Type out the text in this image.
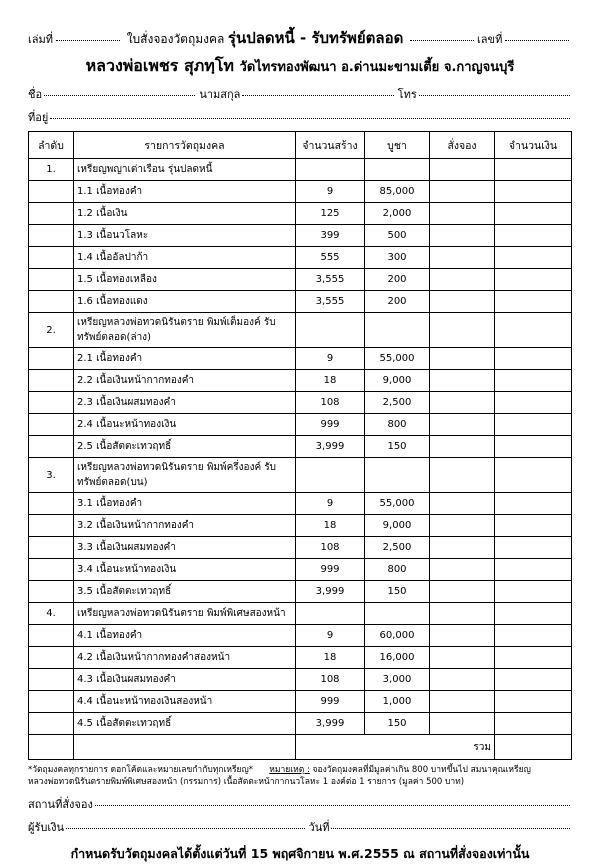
เล่มที่	ใบสั่งจองวัตถุมงคล รุ่นปลดหนี้ - รับทรัพย์ตลอด	เลขที่
หลวงพ่อเพชร สุภทฺโท วัดไทรทองพัฒนา อ.ด่านมะขามเตี้ย จ.กาญจนบุรี
ชื่อ	นามสกุล	โทร
ที่อยู่
ลำดับ	รายการวัตถุมงคล	จำนวนสร้าง	บูชา	สั่งจอง	จำนวนเงิน
1.	เหรียญพญาเต่าเรือน รุ่นปลดหนี้				
	1.1 เนื้อทองคำ	9	85,000		
	1.2 เนื้อเงิน	125	2,000		
	1.3 เนื้อนวโลหะ	399	500		
	1.4 เนื้ออัลปาก้า	555	300		
	1.5 เนื้อทองเหลือง	3,555	200		
	1.6 เนื้อทองแดง	3,555	200		
2.	เหรียญหลวงพ่อทวดนิรันตราย พิมพ์เต็มองค์ รับทรัพย์ตลอด(ล่าง)				
	2.1 เนื้อทองคำ	9	55,000		
	2.2 เนื้อเงินหน้ากากทองคำ	18	9,000		
	2.3 เนื้อเงินผสมทองคำ	108	2,500		
	2.4 เนื้อนะหน้าทองเงิน	999	800		
	2.5 เนื้อสัตตะเทวฤทธิ์	3,999	150		
3.	เหรียญหลวงพ่อทวดนิรันตราย พิมพ์ครึ่งองค์ รับทรัพย์ตลอด(บน)				
	3.1 เนื้อทองคำ	9	55,000		
	3.2 เนื้อเงินหน้ากากทองคำ	18	9,000		
	3.3 เนื้อเงินผสมทองคำ	108	2,500		
	3.4 เนื้อนะหน้าทองเงิน	999	800		
	3.5 เนื้อสัตตะเทวฤทธิ์	3,999	150		
4.	เหรียญหลวงพ่อทวดนิรันตราย พิมพ์พิเศษสองหน้า				
	4.1 เนื้อทองคำ	9	60,000		
	4.2 เนื้อเงินหน้ากากทองคำสองหน้า	18	16,000		
	4.3 เนื้อเงินผสมทองคำ	108	3,000		
	4.4 เนื้อนะหน้าทองเงินสองหน้า	999	1,000		
	4.5 เนื้อสัตตะเทวฤทธิ์	3,999	150		
		รวม			
*วัตถุมงคลทุกรายการ ดอกโค้ดและหมายเลขกำกับทุกเหรียญ* หมายเหตุ : จองวัตถุมงคลที่มีมูลค่าเกิน 800 บาทขึ้นไป สมนาคุณเหรียญ
หลวงพ่อทวดนิรันตรายพิมพ์พิเศษสองหน้า (กรรมการ) เนื้อสัตตะหน้ากากนวโลหะ 1 องค์ต่อ 1 รายการ (มูลค่า 500 บาท)
สถานที่สั่งจอง
ผู้รับเงิน	วันที่
กำหนดรับวัตถุมงคลได้ตั้งแต่วันที่ 15 พฤศจิกายน พ.ศ.2555 ณ สถานที่สั่งจองเท่านั้น
